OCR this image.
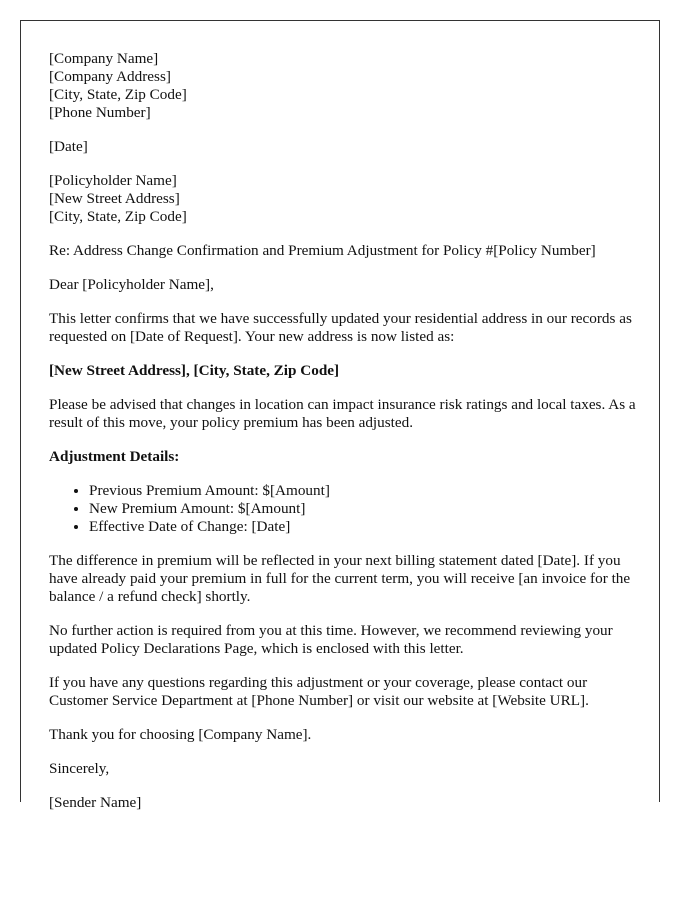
[Company Name]
[Company Address]
[City, State, Zip Code]
[Phone Number]

[Date]

[Policyholder Name]
[New Street Address]
[City, State, Zip Code]

Re: Address Change Confirmation and Premium Adjustment for Policy #[Policy Number]

Dear [Policyholder Name],

This letter confirms that we have successfully updated your residential address in our records as requested on [Date of Request]. Your new address is now listed as:

[New Street Address], [City, State, Zip Code]

Please be advised that changes in location can impact insurance risk ratings and local taxes. As a result of this move, your policy premium has been adjusted.

Adjustment Details:

• Previous Premium Amount: $[Amount]
• New Premium Amount: $[Amount]
• Effective Date of Change: [Date]

The difference in premium will be reflected in your next billing statement dated [Date]. If you have already paid your premium in full for the current term, you will receive [an invoice for the balance / a refund check] shortly.

No further action is required from you at this time. However, we recommend reviewing your updated Policy Declarations Page, which is enclosed with this letter.

If you have any questions regarding this adjustment or your coverage, please contact our Customer Service Department at [Phone Number] or visit our website at [Website URL].

Thank you for choosing [Company Name].

Sincerely,

[Sender Name]
